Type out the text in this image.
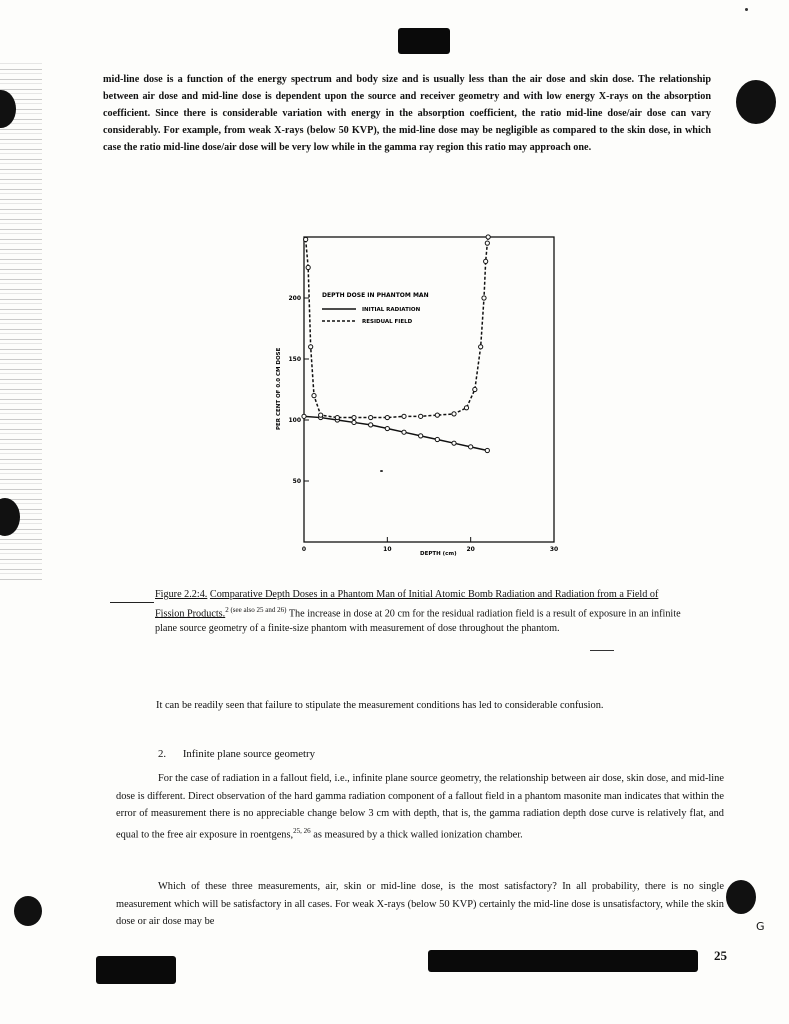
mid-line dose is a function of the energy spectrum and body size and is usually less than the air dose and skin dose. The relationship between air dose and mid-line dose is dependent upon the source and receiver geometry and with low energy X-rays on the absorption coefficient. Since there is considerable variation with energy in the absorption coefficient, the ratio mid-line dose/air dose can vary considerably. For example, from weak X-rays (below 50 KVP), the mid-line dose may be negligible as compared to the skin dose, in which case the ratio mid-line dose/air dose will be very low while in the gamma ray region this ratio may approach one.

50
100
150
200
0	10	20	30
DEPTH DOSE IN PHANTOM MAN
INITIAL RADIATION
RESIDUAL FIELD
DEPTH (cm)
PER CENT OF 0.0 CM DOSE

Figure 2.2:4. Comparative Depth Doses in a Phantom Man of Initial Atomic Bomb Radiation and Radiation from a Field of Fission Products.$^{2 (see also 25 and 26)}$ The increase in dose at 20 cm for the residual radiation field is a result of exposure in an infinite plane source geometry of a finite-size phantom with measurement of dose throughout the phantom.

It can be readily seen that failure to stipulate the measurement conditions has led to considerable confusion.

2. Infinite plane source geometry

For the case of radiation in a fallout field, i.e., infinite plane source geometry, the relationship between air dose, skin dose, and mid-line dose is different. Direct observation of the hard gamma radiation component of a fallout field in a phantom masonite man indicates that within the error of measurement there is no appreciable change below 3 cm with depth, that is, the gamma radiation depth dose curve is relatively flat, and equal to the free air exposure in roentgens,$^{25, 26}$ as measured by a thick walled ionization chamber.

Which of these three measurements, air, skin or mid-line dose, is the most satisfactory? In all probability, there is no single measurement which will be satisfactory in all cases. For weak X-rays (below 50 KVP) certainly the mid-line dose is unsatisfactory, while the skin dose or air dose may be

25
G
